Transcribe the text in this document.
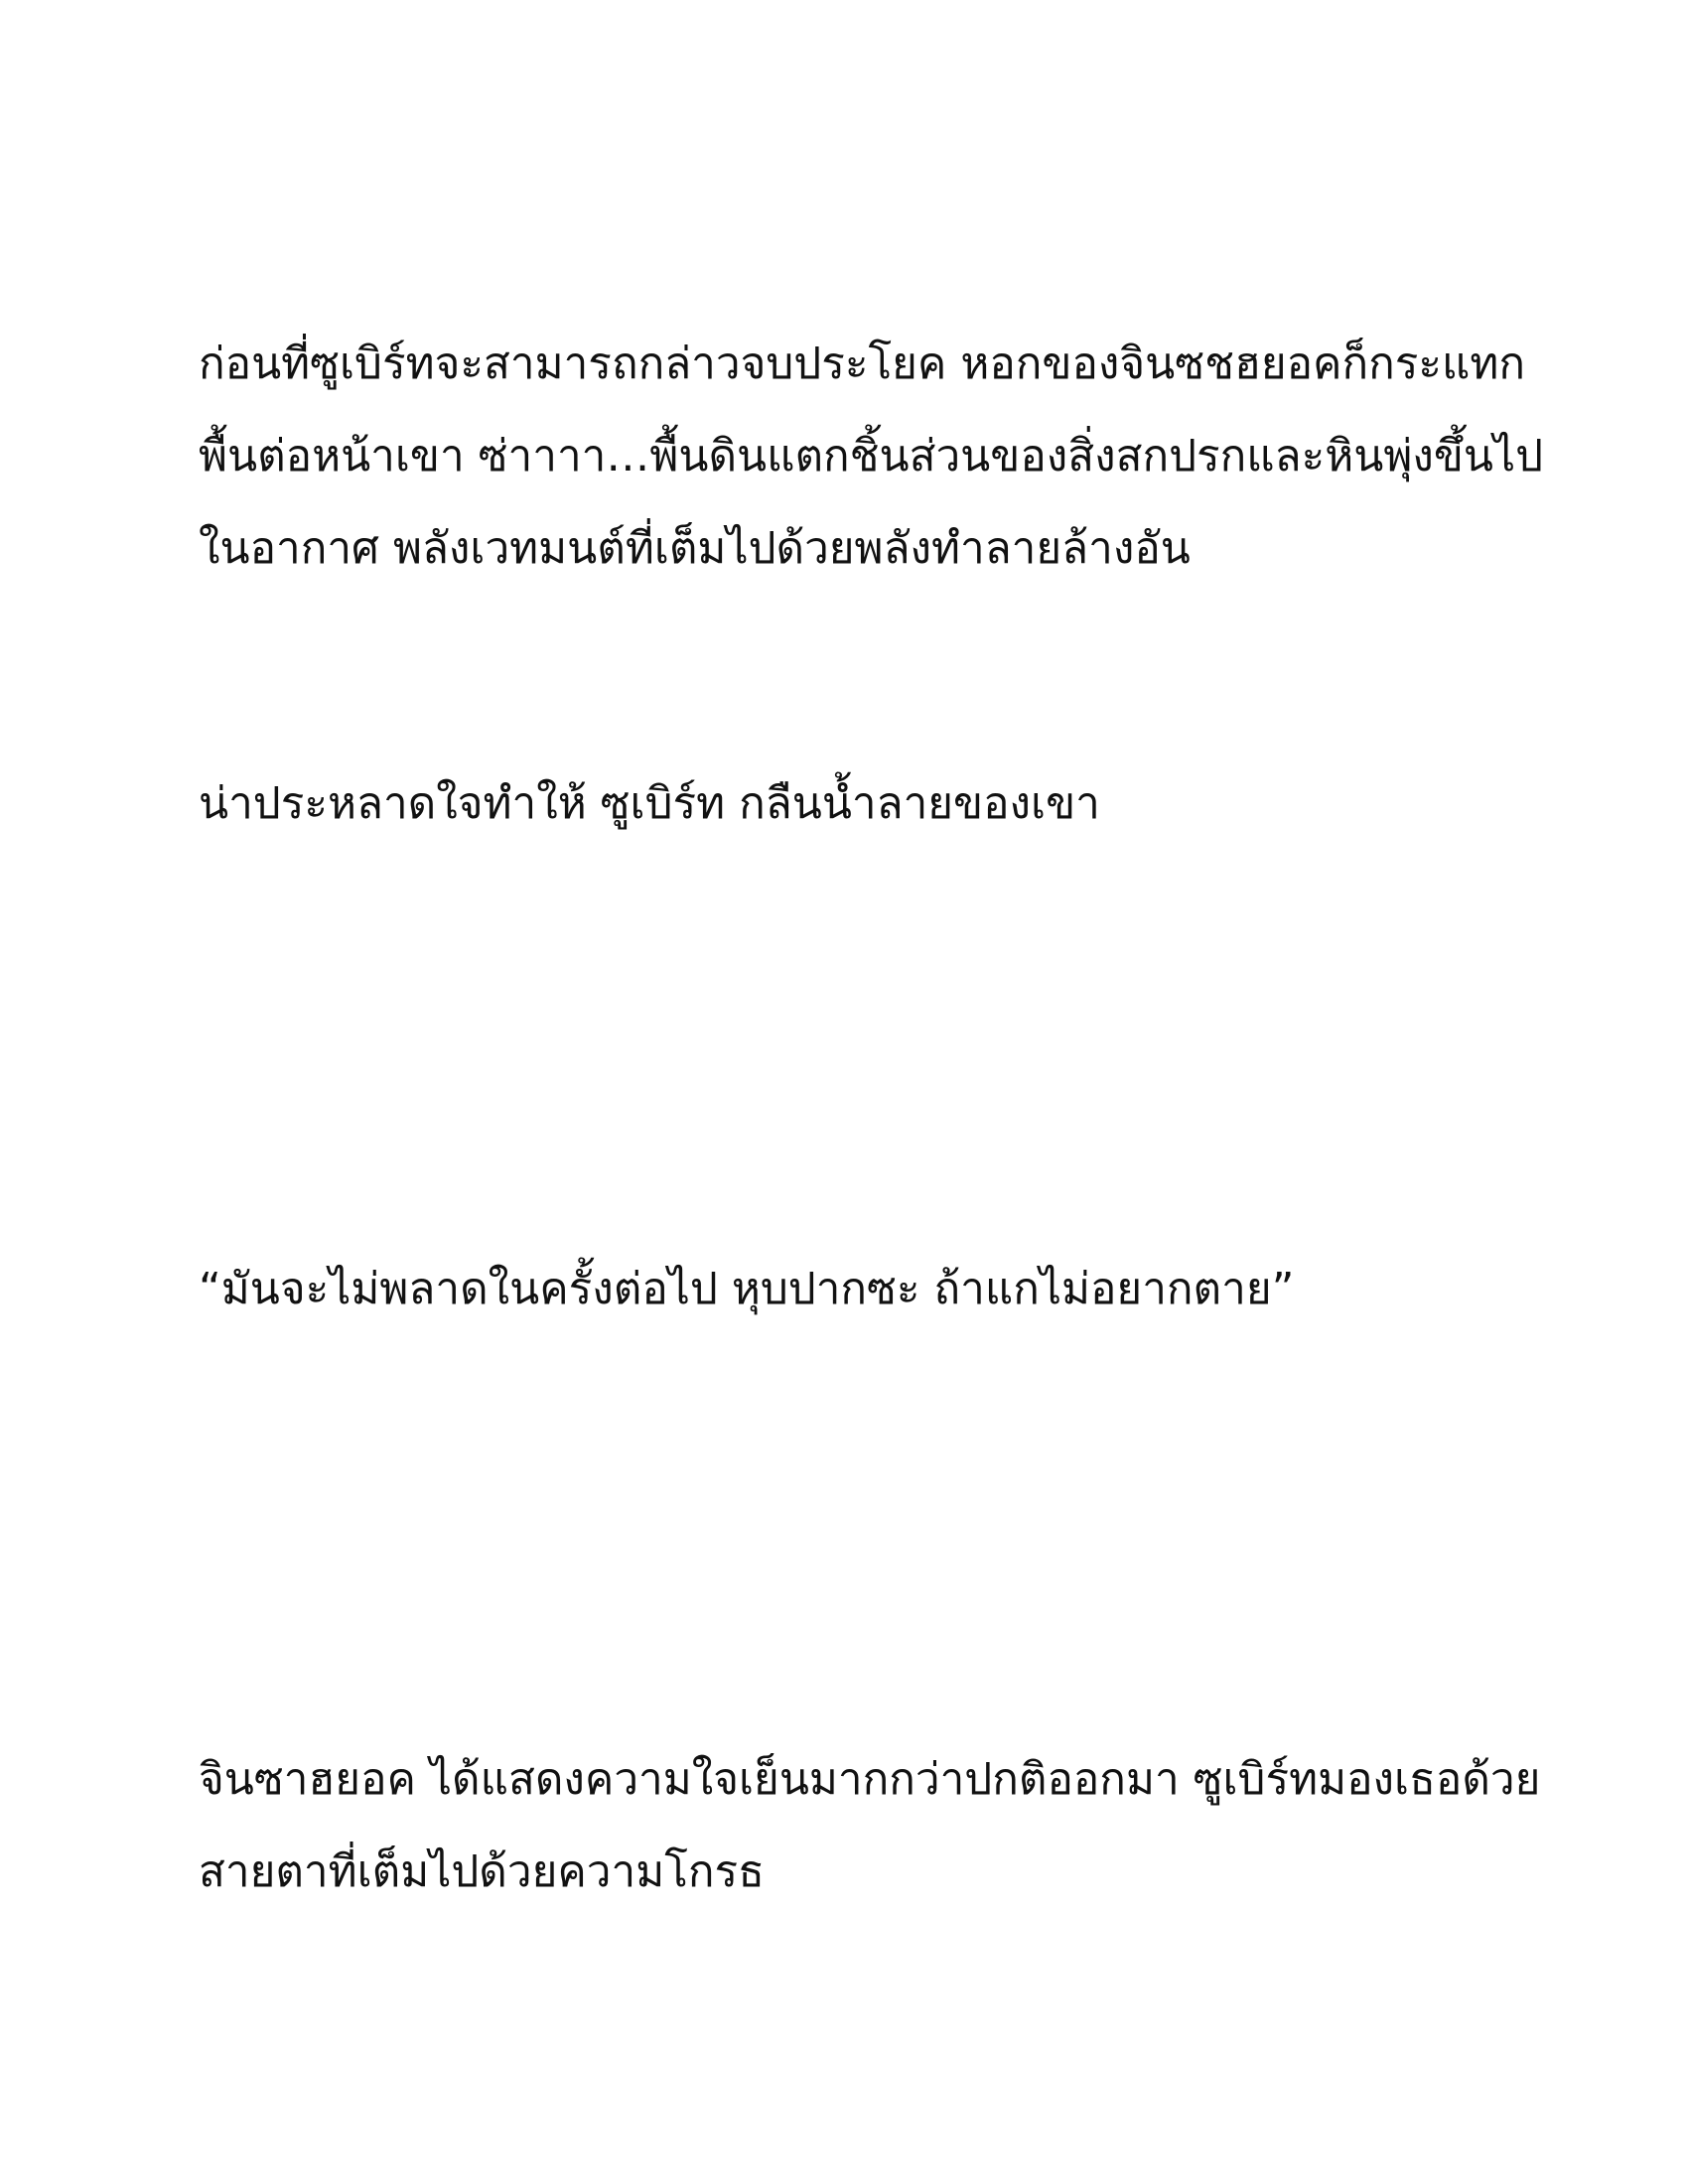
ก่อนที่ซูเบิร์ทจะสามารถกล่าวจบประโยค หอกของจินซชฮยอคก็กระแทก
พื้นต่อหน้าเขา ซ่าาาา…พื้นดินแตกชิ้นส่วนของสิ่งสกปรกและหินพุ่งขึ้นไป
ในอากาศ พลังเวทมนต์ที่เต็มไปด้วยพลังทำลายล้างอัน
น่าประหลาดใจทำให้ ซูเบิร์ท กลืนน้ำลายของเขา
“มันจะไม่พลาดในครั้งต่อไป หุบปากซะ ถ้าแกไม่อยากตาย”
จินซาฮยอค ได้แสดงความใจเย็นมากกว่าปกติออกมา ซูเบิร์ทมองเธอด้วย
สายตาที่เต็มไปด้วยความโกรธ
